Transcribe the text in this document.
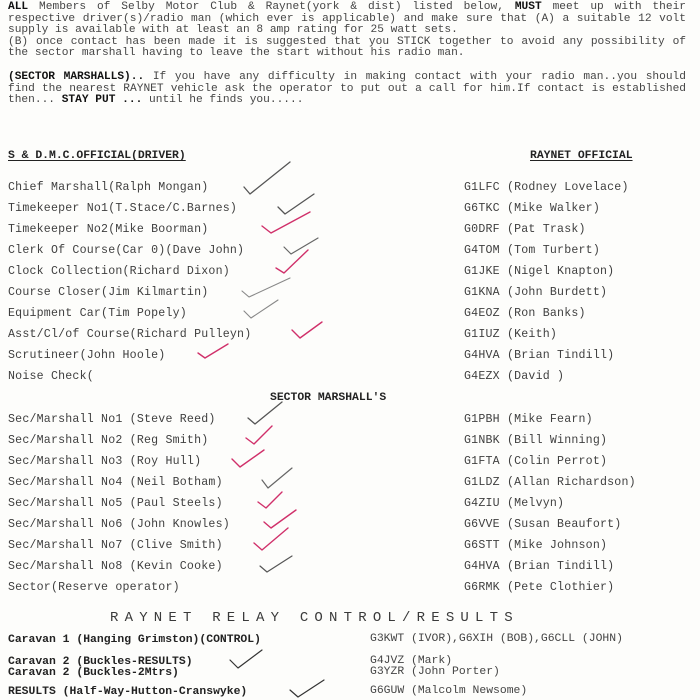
ALL Members of Selby Motor Club & Raynet(york & dist) listed below, MUST meet up with their respective driver(s)/radio man (which ever is applicable) and make sure that (A) a suitable 12 volt supply is available with at least an 8 amp rating for 25 watt sets.
(B) once contact has been made it is suggested that you STICK together to avoid any possibility of the sector marshall having to leave the start without his radio man.

(SECTOR MARSHALLS).. If you have any difficulty in making contact with your radio man..you should find the nearest RAYNET vehicle ask the operator to put out a call for him.If contact is established then... STAY PUT ... until he finds you.....

S & D.M.C.OFFICIAL(DRIVER)	RAYNET OFFICIAL
Chief Marshall(Ralph Mongan)	G1LFC (Rodney Lovelace)
Timekeeper No1(T.Stace/C.Barnes)	G6TKC (Mike Walker)
Timekeeper No2(Mike Boorman)	G0DRF (Pat Trask)
Clerk Of Course(Car 0)(Dave John)	G4TOM (Tom Turbert)
Clock Collection(Richard Dixon)	G1JKE (Nigel Knapton)
Course Closer(Jim Kilmartin)	G1KNA (John Burdett)
Equipment Car(Tim Popely)	G4EOZ (Ron Banks)
Asst/Cl/of Course(Richard Pulleyn)	G1IUZ (Keith)
Scrutineer(John Hoole)	G4HVA (Brian Tindill)
Noise Check(	G4EZX (David )
SECTOR MARSHALL'S
Sec/Marshall No1 (Steve Reed)	G1PBH (Mike Fearn)
Sec/Marshall No2 (Reg Smith)	G1NBK (Bill Winning)
Sec/Marshall No3 (Roy Hull)	G1FTA (Colin Perrot)
Sec/Marshall No4 (Neil Botham)	G1LDZ (Allan Richardson)
Sec/Marshall No5 (Paul Steels)	G4ZIU (Melvyn)
Sec/Marshall No6 (John Knowles)	G6VVE (Susan Beaufort)
Sec/Marshall No7 (Clive Smith)	G6STT (Mike Johnson)
Sec/Marshall No8 (Kevin Cooke)	G4HVA (Brian Tindill)
Sector(Reserve operator)	G6RMK (Pete Clothier)
RAYNET RELAY CONTROL/RESULTS
Caravan 1 (Hanging Grimston)(CONTROL)	G3KWT (IVOR),G6XIH (BOB),G6CLL (JOHN)
Caravan 2 (Buckles-RESULTS)	G4JVZ (Mark)
Caravan 2 (Buckles-2Mtrs)	G3YZR (John Porter)
RESULTS (Half-Way-Hutton-Cranswyke)	G6GUW (Malcolm Newsome)
